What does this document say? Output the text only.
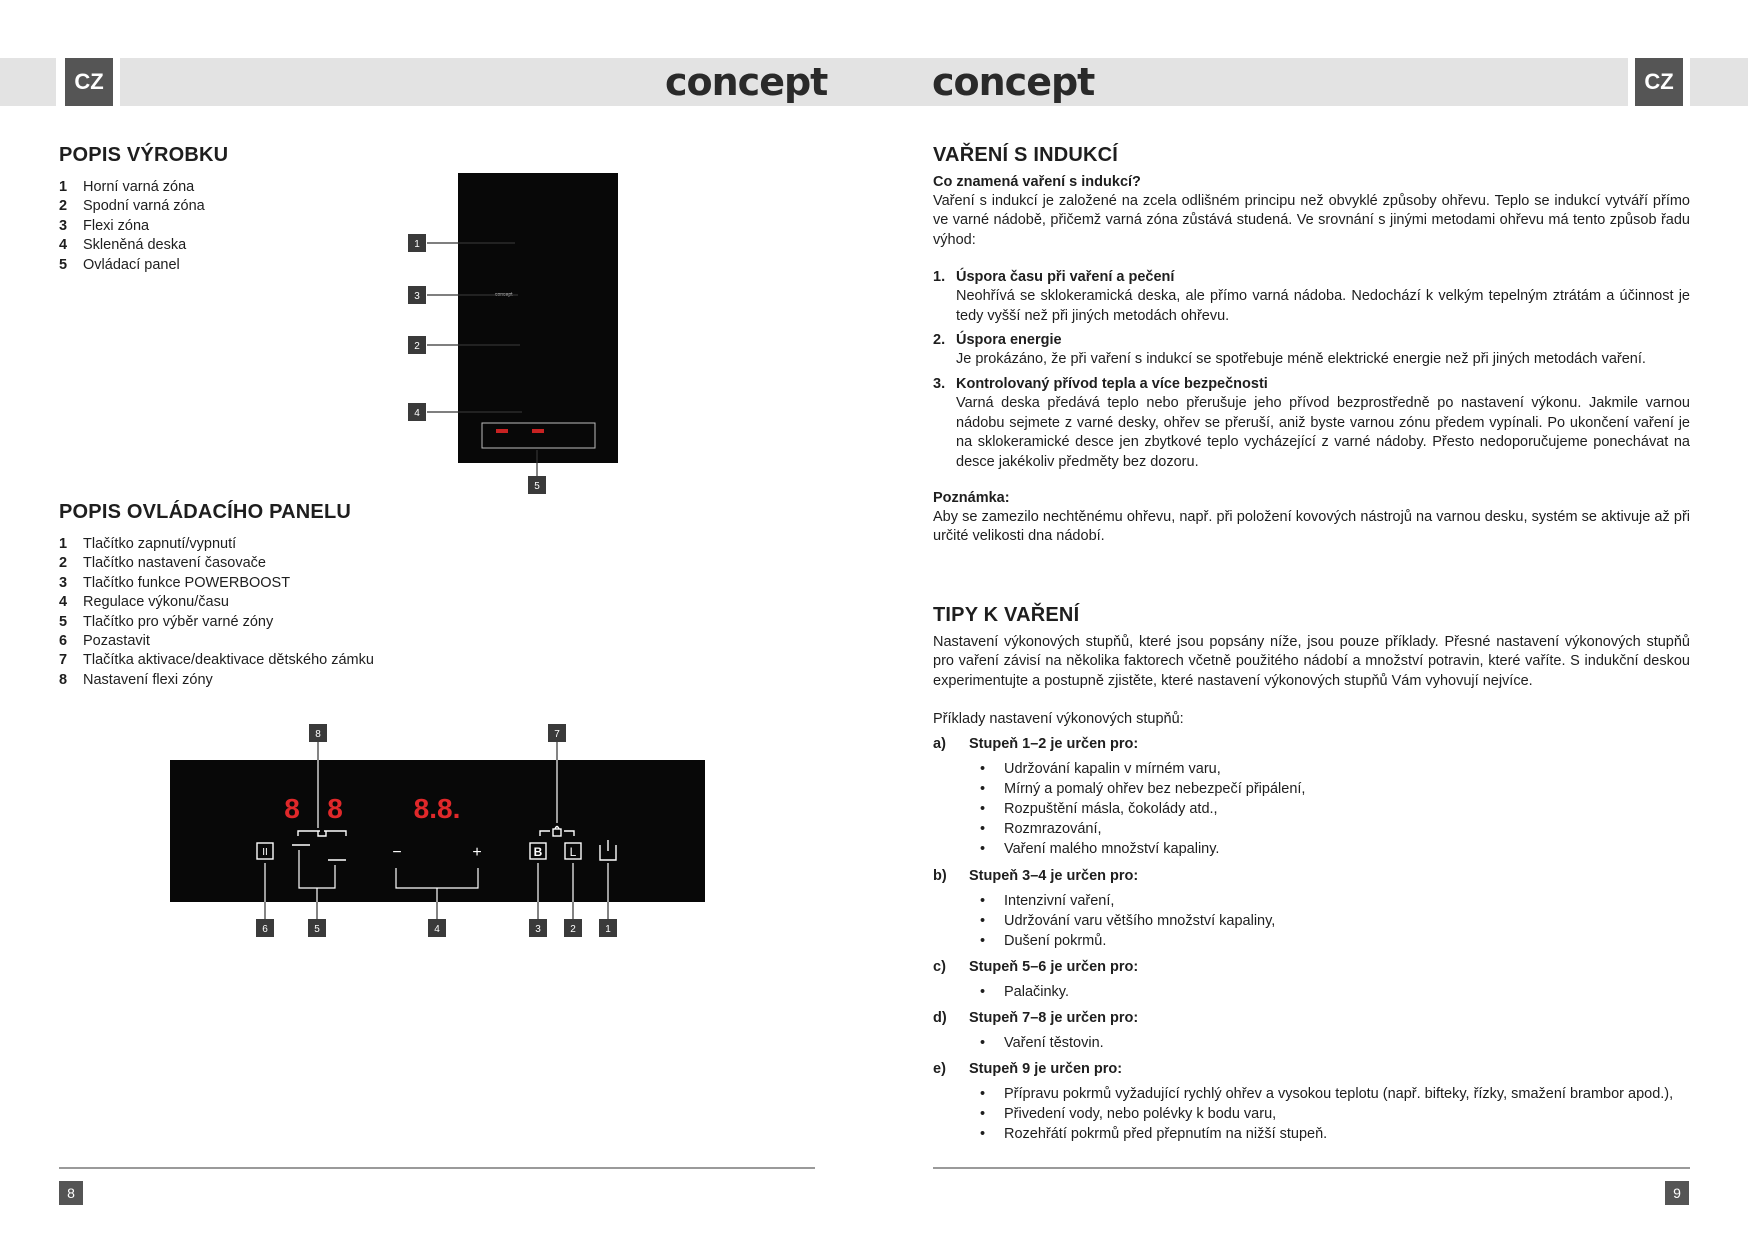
CZ	CZ
concept	concept
POPIS VÝROBKU
1	Horní varná zóna
2	Spodní varná zóna
3	Flexi zóna
4	Skleněná deska
5	Ovládací panel
concept
1
3
2
4
5
POPIS OVLÁDACÍHO PANELU
1	Tlačítko zapnutí/vypnutí
2	Tlačítko nastavení časovače
3	Tlačítko funkce POWERBOOST
4	Regulace výkonu/času
5	Tlačítko pro výběr varné zóny
6	Pozastavit
7	Tlačítka aktivace/deaktivace dětského zámku
8	Nastavení flexi zóny
8 8	8.8.
II	B L
−	+
8	7
6	5	4	3	2	1
8
VAŘENÍ S INDUKCÍ
Co znamená vaření s indukcí?
Vaření s indukcí je založené na zcela odlišném principu než obvyklé způsoby ohřevu. Teplo se indukcí vytváří přímo ve varné nádobě, přičemž varná zóna zůstává studená. Ve srovnání s jinými metodami ohřevu má tento způsob řadu výhod:
1. Úspora času při vaření a pečení
Neohřívá se sklokeramická deska, ale přímo varná nádoba. Nedochází k velkým tepelným ztrátám a účinnost je tedy vyšší než při jiných metodách ohřevu.
2. Úspora energie
Je prokázáno, že při vaření s indukcí se spotřebuje méně elektrické energie než při jiných metodách vaření.
3. Kontrolovaný přívod tepla a více bezpečnosti
Varná deska předává teplo nebo přerušuje jeho přívod bezprostředně po nastavení výkonu. Jakmile varnou nádobu sejmete z varné desky, ohřev se přeruší, aniž byste varnou zónu předem vypínali. Po ukončení vaření je na sklokeramické desce jen zbytkové teplo vycházející z varné nádoby. Přesto nedoporučujeme ponechávat na desce jakékoliv předměty bez dozoru.
Poznámka:
Aby se zamezilo nechtěnému ohřevu, např. při položení kovových nástrojů na varnou desku, systém se aktivuje až při určité velikosti dna nádobí.
TIPY K VAŘENÍ
Nastavení výkonových stupňů, které jsou popsány níže, jsou pouze příklady. Přesné nastavení výkonových stupňů pro vaření závisí na několika faktorech včetně použitého nádobí a množství potravin, které vaříte. S indukční deskou experimentujte a postupně zjistěte, které nastavení výkonových stupňů Vám vyhovují nejvíce.
Příklady nastavení výkonových stupňů:
a)	Stupeň 1–2 je určen pro:
• Udržování kapalin v mírném varu,
• Mírný a pomalý ohřev bez nebezpečí připálení,
• Rozpuštění másla, čokolády atd.,
• Rozmrazování,
• Vaření malého množství kapaliny.
b)	Stupeň 3–4 je určen pro:
• Intenzivní vaření,
• Udržování varu většího množství kapaliny,
• Dušení pokrmů.
c)	Stupeň 5–6 je určen pro:
• Palačinky.
d)	Stupeň 7–8 je určen pro:
• Vaření těstovin.
e)	Stupeň 9 je určen pro:
• Přípravu pokrmů vyžadující rychlý ohřev a vysokou teplotu (např. bifteky, řízky, smažení brambor apod.),
• Přivedení vody, nebo polévky k bodu varu,
• Rozehřátí pokrmů před přepnutím na nižší stupeň.
9
